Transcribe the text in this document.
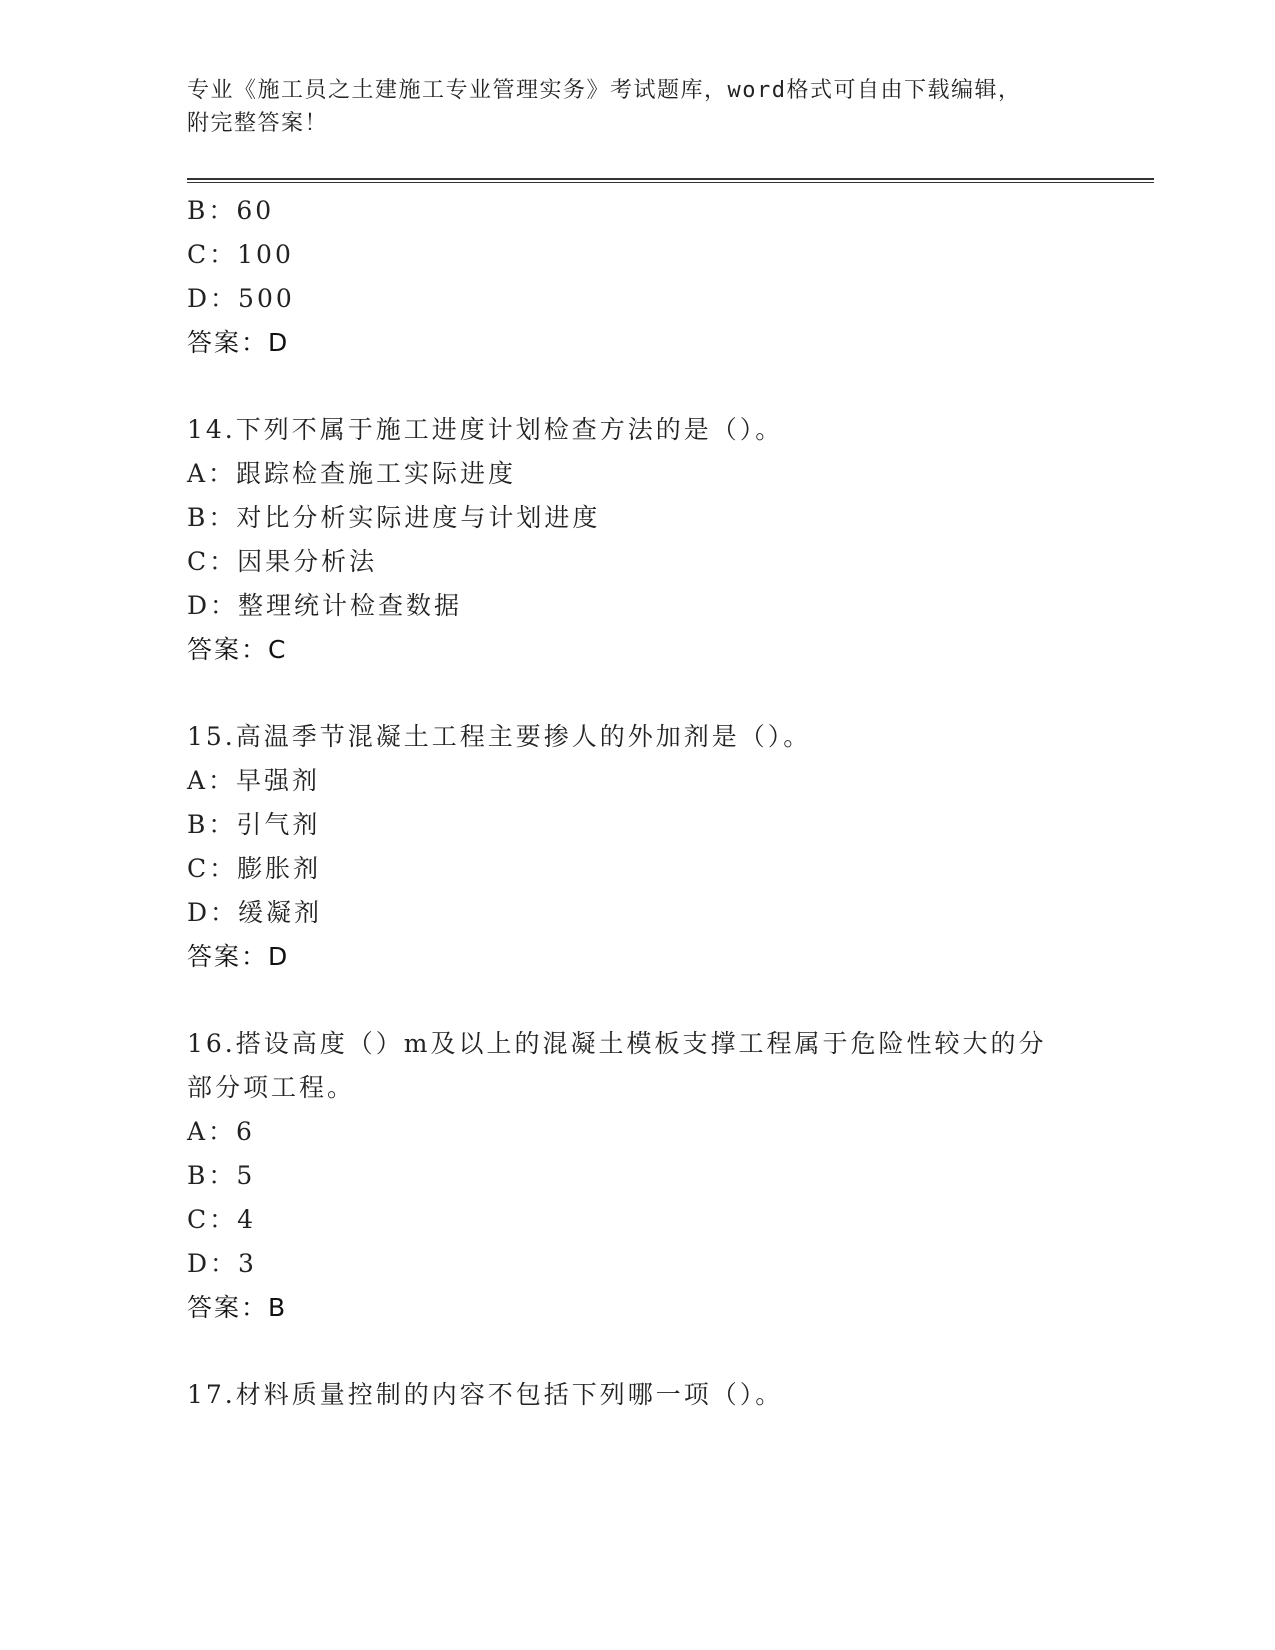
专业《施工员之土建施工专业管理实务》考试题库，word格式可自由下载编辑，
附完整答案！
B：60
C：100
D：500
答案：D
14.下列不属于施工进度计划检查方法的是（）。
A：跟踪检查施工实际进度
B：对比分析实际进度与计划进度
C：因果分析法
D：整理统计检查数据
答案：C
15.高温季节混凝土工程主要掺人的外加剂是（）。
A：早强剂
B：引气剂
C：膨胀剂
D：缓凝剂
答案：D
16.搭设高度（）m及以上的混凝土模板支撑工程属于危险性较大的分
部分项工程。
A：6
B：5
C：4
D：3
答案：B
17.材料质量控制的内容不包括下列哪一项（）。
